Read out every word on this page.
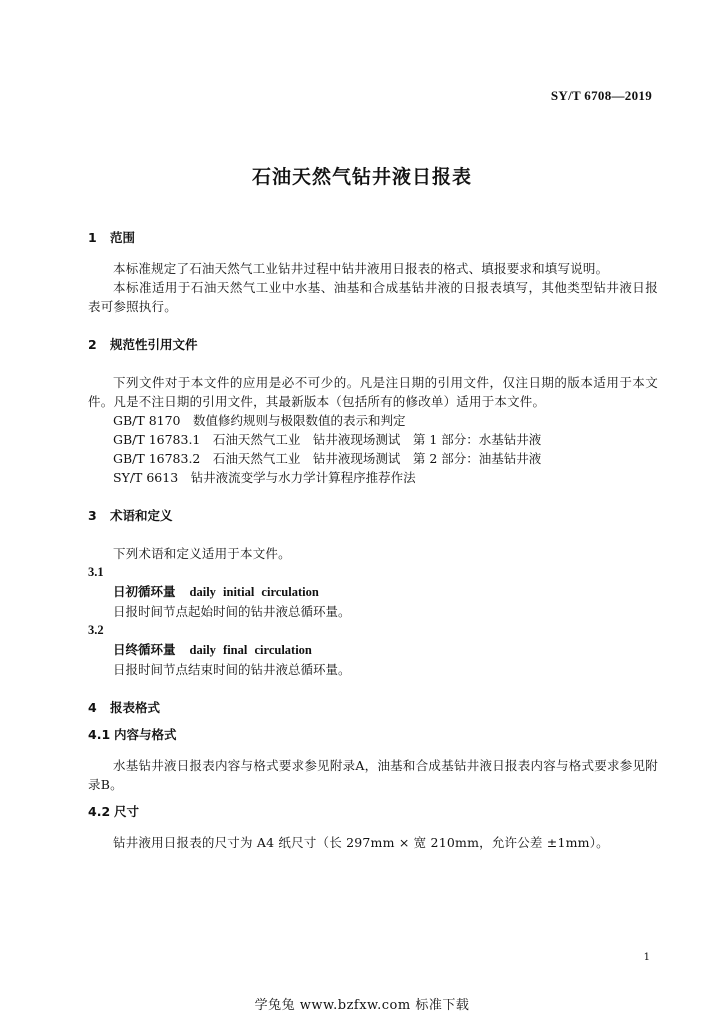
SY/T 6708—2019
石油天然气钻井液日报表
1	范围
本标准规定了石油天然气工业钻井过程中钻井液用日报表的格式、填报要求和填写说明。
本标准适用于石油天然气工业中水基、油基和合成基钻井液的日报表填写，其他类型钻井液日报表可参照执行。
2	规范性引用文件
下列文件对于本文件的应用是必不可少的。凡是注日期的引用文件，仅注日期的版本适用于本文件。凡是不注日期的引用文件，其最新版本（包括所有的修改单）适用于本文件。
GB/T 8170　数值修约规则与极限数值的表示和判定
GB/T 16783.1　石油天然气工业　钻井液现场测试　第 1 部分：水基钻井液
GB/T 16783.2　石油天然气工业　钻井液现场测试　第 2 部分：油基钻井液
SY/T 6613　钻井液流变学与水力学计算程序推荐作法
3	术语和定义
下列术语和定义适用于本文件。
3.1
日初循环量 daily initial circulation
日报时间节点起始时间的钻井液总循环量。
3.2
日终循环量 daily final circulation
日报时间节点结束时间的钻井液总循环量。
4	报表格式
4.1 内容与格式
水基钻井液日报表内容与格式要求参见附录A，油基和合成基钻井液日报表内容与格式要求参见附录B。
4.2 尺寸
钻井液用日报表的尺寸为 A4 纸尺寸（长 297mm × 宽 210mm，允许公差 ±1mm）。
1
学兔兔 www.bzfxw.com 标准下载
